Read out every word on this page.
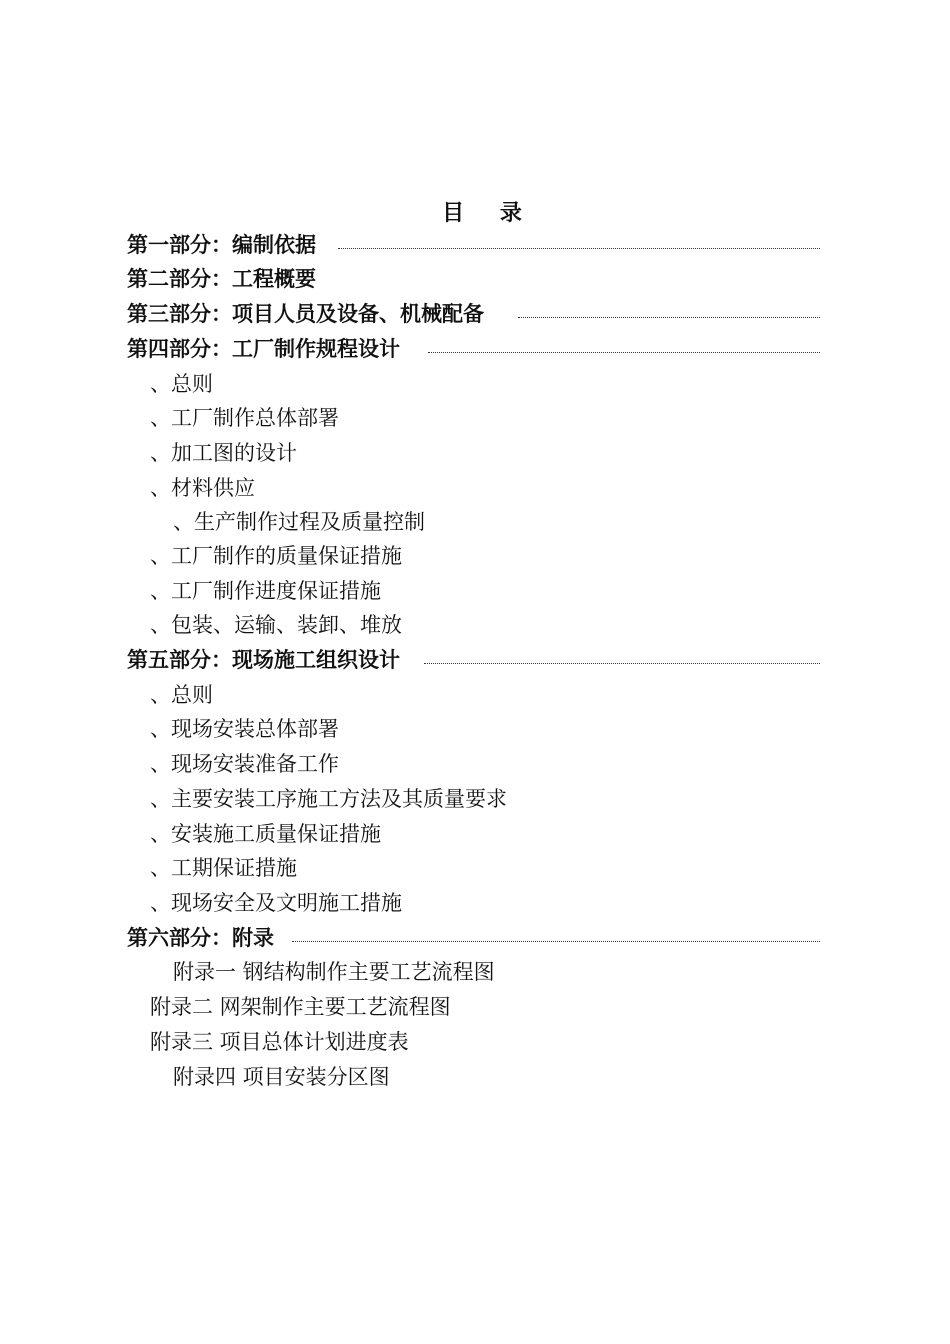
目 录
第一部分：编制依据
第二部分：工程概要
第三部分：项目人员及设备、机械配备
第四部分：工厂制作规程设计
、总则
、工厂制作总体部署
、加工图的设计
、材料供应
、生产制作过程及质量控制
、工厂制作的质量保证措施
、工厂制作进度保证措施
、包装、运输、装卸、堆放
第五部分：现场施工组织设计
、总则
、现场安装总体部署
、现场安装准备工作
、主要安装工序施工方法及其质量要求
、安装施工质量保证措施
、工期保证措施
、现场安全及文明施工措施
第六部分：附录
附录一 钢结构制作主要工艺流程图
附录二 网架制作主要工艺流程图
附录三 项目总体计划进度表
附录四 项目安装分区图
